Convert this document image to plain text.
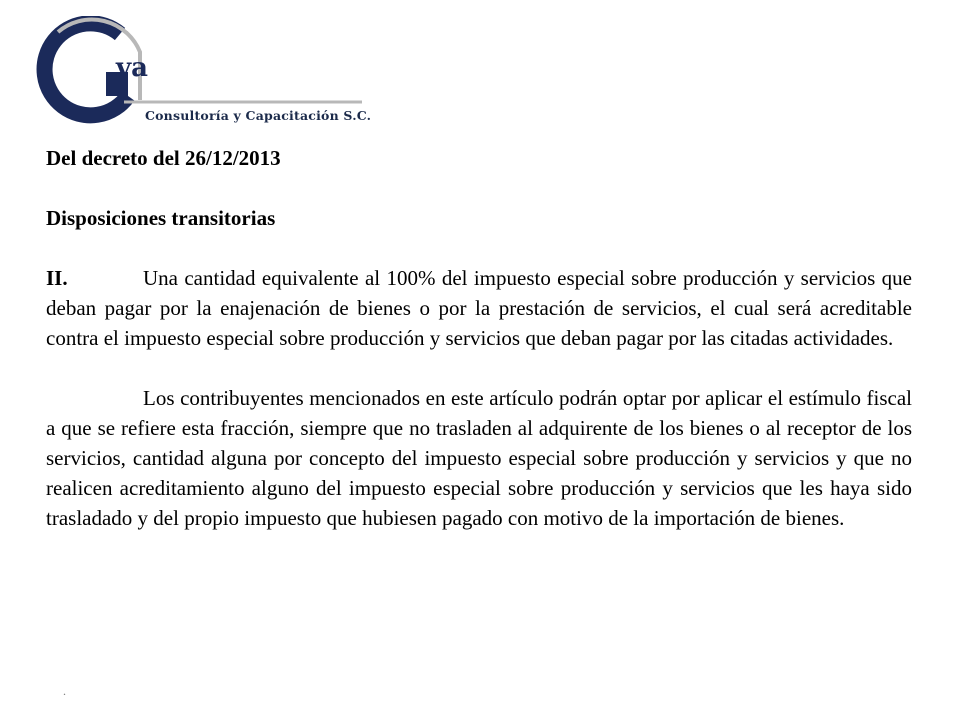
va
Consultoría y Capacitación S.C.
Del decreto del 26/12/2013
Disposiciones transitorias

II.	Una cantidad equivalente al 100% del impuesto especial sobre producción y servicios que deban pagar por la enajenación de bienes o por la prestación de servicios, el cual será acreditable contra el impuesto especial sobre producción y servicios que deban pagar por las citadas actividades.

Los contribuyentes mencionados en este artículo podrán optar por aplicar el estímulo fiscal a que se refiere esta fracción, siempre que no trasladen al adquirente de los bienes o al receptor de los servicios, cantidad alguna por concepto del impuesto especial sobre producción y servicios y que no realicen acreditamiento alguno del impuesto especial sobre producción y servicios que les haya sido trasladado y del propio impuesto que hubiesen pagado con motivo de la importación de bienes.

.
